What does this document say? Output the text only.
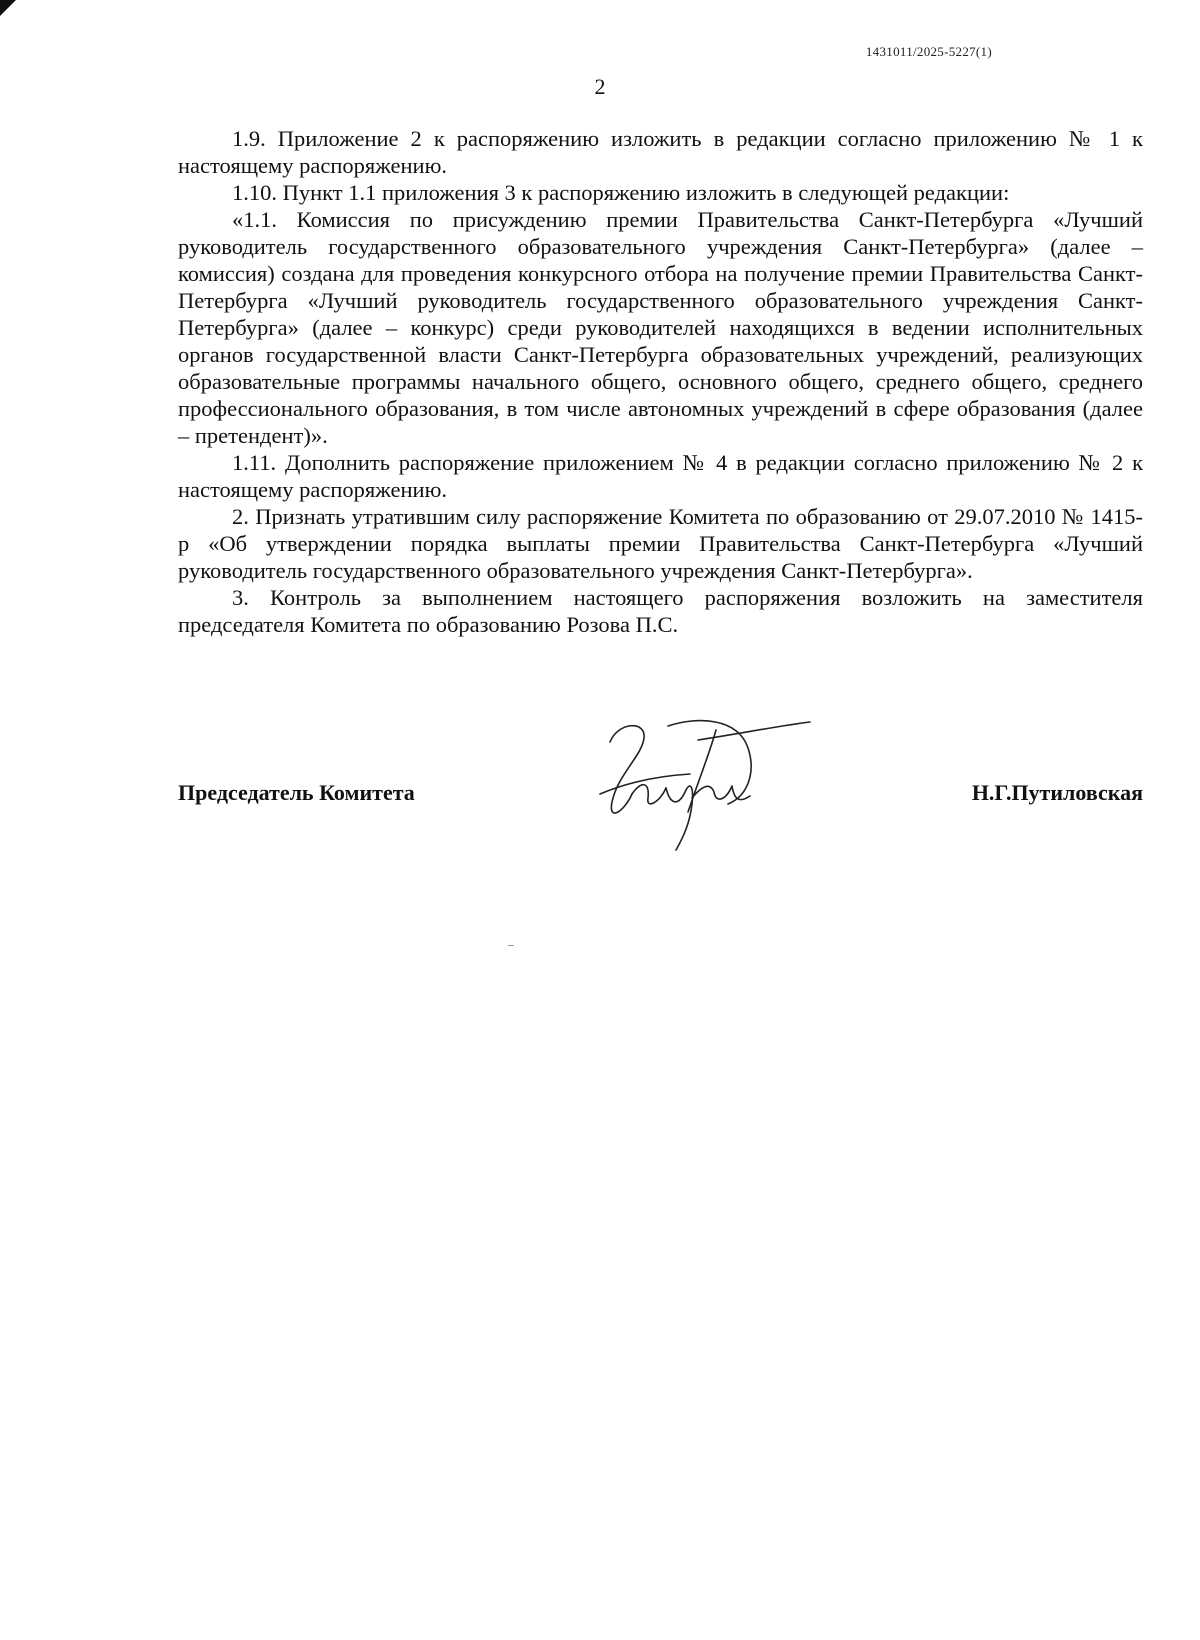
1431011/2025-5227(1)
2

1.9. Приложение 2 к распоряжению изложить в редакции согласно приложению № 1 к настоящему распоряжению.

1.10. Пункт 1.1 приложения 3 к распоряжению изложить в следующей редакции:

«1.1. Комиссия по присуждению премии Правительства Санкт-Петербурга «Лучший руководитель государственного образовательного учреждения Санкт-Петербурга» (далее – комиссия) создана для проведения конкурсного отбора на получение премии Правительства Санкт-Петербурга «Лучший руководитель государственного образовательного учреждения Санкт-Петербурга» (далее – конкурс) среди руководителей находящихся в ведении исполнительных органов государственной власти Санкт-Петербурга образовательных учреждений, реализующих образовательные программы начального общего, основного общего, среднего общего, среднего профессионального образования, в том числе автономных учреждений в сфере образования (далее – претендент)».

1.11. Дополнить распоряжение приложением № 4 в редакции согласно приложению № 2 к настоящему распоряжению.

2. Признать утратившим силу распоряжение Комитета по образованию от 29.07.2010 № 1415-р «Об утверждении порядка выплаты премии Правительства Санкт-Петербурга «Лучший руководитель государственного образовательного учреждения Санкт-Петербурга».

3. Контроль за выполнением настоящего распоряжения возложить на заместителя председателя Комитета по образованию Розова П.С.

Председатель Комитета	Н.Г.Путиловская
